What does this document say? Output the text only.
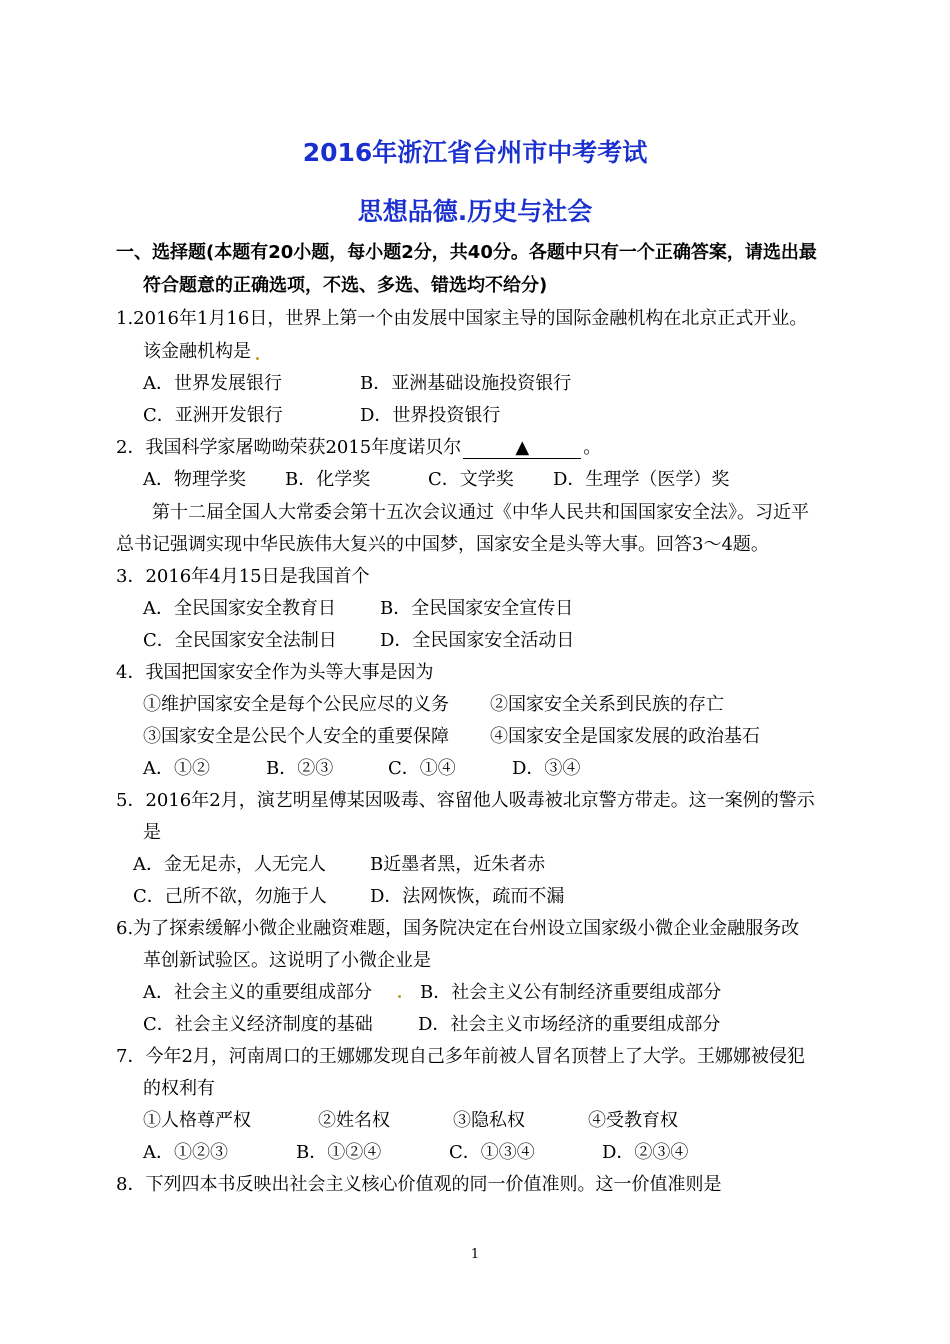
2016年浙江省台州市中考考试
思想品德.历史与社会
一、选择题(本题有20小题，每小题2分，共40分。各题中只有一个正确答案，请选出最
符合题意的正确选项，不选、多选、错选均不给分)
1.2016年1月16日，世界上第一个由发展中国家主导的国际金融机构在北京正式开业。
该金融机构是
A．世界发展银行	B．亚洲基础设施投资银行
C．亚洲开发银行	D．世界投资银行
2．我国科学家屠呦呦荣获2015年度诺贝尔	▲	。
A．物理学奖 B．化学奖	C．文学奖 D．生理学（医学）奖
第十二届全国人大常委会第十五次会议通过《中华人民共和国国家安全法》。习近平
总书记强调实现中华民族伟大复兴的中国梦，国家安全是头等大事。回答3～4题。
3．2016年4月15日是我国首个
A．全民国家安全教育日 B．全民国家安全宣传日
C．全民国家安全法制日 D．全民国家安全活动日
4．我国把国家安全作为头等大事是因为
①维护国家安全是每个公民应尽的义务 ②国家安全关系到民族的存亡
③国家安全是公民个人安全的重要保障 ④国家安全是国家发展的政治基石
A．①②	B．②③	C．①④	D．③④
5．2016年2月，演艺明星傅某因吸毒、容留他人吸毒被北京警方带走。这一案例的警示
是
A．金无足赤，人无完人 B近墨者黑，近朱者赤
C．己所不欲，勿施于人 D．法网恢恢，疏而不漏
6.为了探索缓解小微企业融资难题，国务院决定在台州设立国家级小微企业金融服务改
革创新试验区。这说明了小微企业是
A．社会主义的重要组成部分	B．社会主义公有制经济重要组成部分
C．社会主义经济制度的基础	D．社会主义市场经济的重要组成部分
7．今年2月，河南周口的王娜娜发现自己多年前被人冒名顶替上了大学。王娜娜被侵犯
的权利有
①人格尊严权	②姓名权	③隐私权	④受教育权
A．①②③	B．①②④	C．①③④	D．②③④
8．下列四本书反映出社会主义核心价值观的同一价值准则。这一价值准则是
1
